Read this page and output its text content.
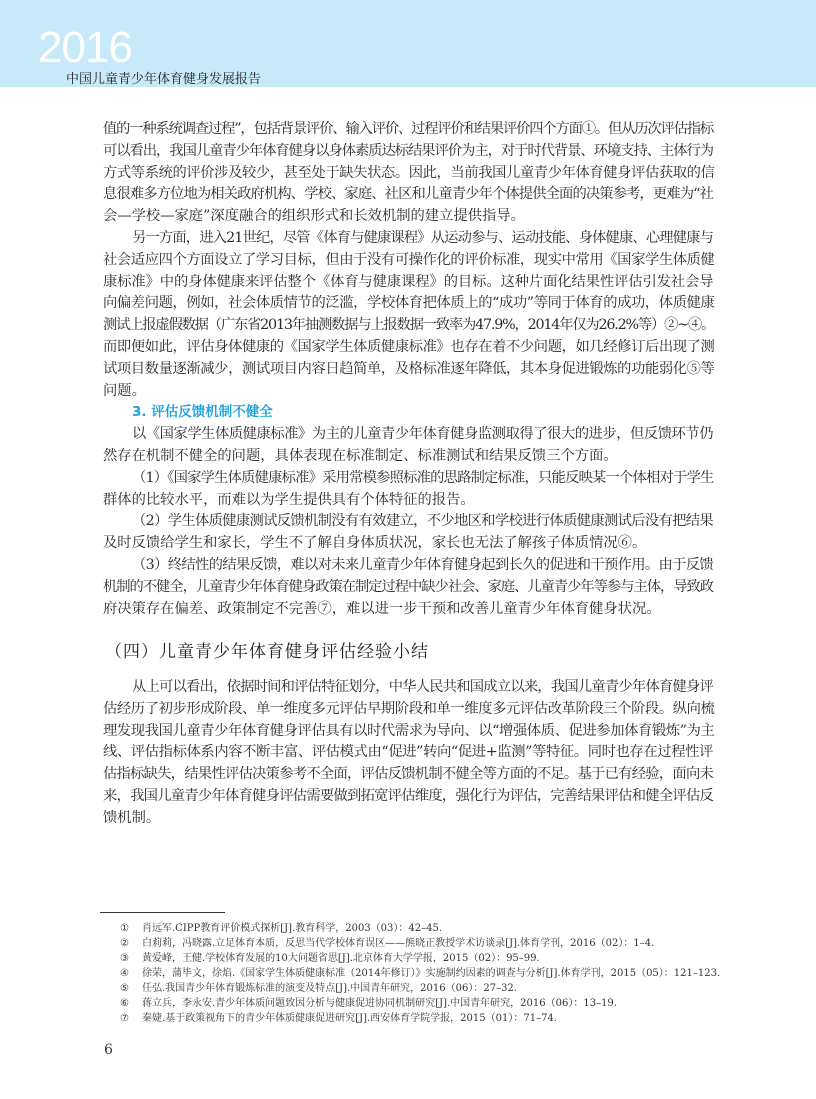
2016
中国儿童青少年体育健身发展报告
值的一种系统调查过程”，包括背景评价、输入评价、过程评价和结果评价四个方面①。但从历次评估指标
可以看出，我国儿童青少年体育健身以身体素质达标结果评价为主，对于时代背景、环境支持、主体行为
方式等系统的评价涉及较少，甚至处于缺失状态。因此，当前我国儿童青少年体育健身评估获取的信
息很难多方位地为相关政府机构、学校、家庭、社区和儿童青少年个体提供全面的决策参考，更难为“社
会—学校—家庭”深度融合的组织形式和长效机制的建立提供指导。
另一方面，进入21世纪，尽管《体育与健康课程》从运动参与、运动技能、身体健康、心理健康与
社会适应四个方面设立了学习目标，但由于没有可操作化的评价标准，现实中常用《国家学生体质健
康标准》中的身体健康来评估整个《体育与健康课程》的目标。这种片面化结果性评估引发社会导
向偏差问题，例如，社会体质情节的泛滥，学校体育把体质上的“成功”等同于体育的成功，体质健康
测试上报虚假数据（广东省2013年抽测数据与上报数据一致率为47.9%，2014年仅为26.2%等）②~④。
而即便如此，评估身体健康的《国家学生体质健康标准》也存在着不少问题，如几经修订后出现了测
试项目数量逐渐减少，测试项目内容日趋简单，及格标准逐年降低，其本身促进锻炼的功能弱化⑤等
问题。
3. 评估反馈机制不健全
以《国家学生体质健康标准》为主的儿童青少年体育健身监测取得了很大的进步，但反馈环节仍
然存在机制不健全的问题，具体表现在标准制定、标准测试和结果反馈三个方面。
（1）《国家学生体质健康标准》采用常模参照标准的思路制定标准，只能反映某一个体相对于学生
群体的比较水平，而难以为学生提供具有个体特征的报告。
（2）学生体质健康测试反馈机制没有有效建立，不少地区和学校进行体质健康测试后没有把结果
及时反馈给学生和家长，学生不了解自身体质状况，家长也无法了解孩子体质情况⑥。
（3）终结性的结果反馈，难以对未来儿童青少年体育健身起到长久的促进和干预作用。由于反馈
机制的不健全，儿童青少年体育健身政策在制定过程中缺少社会、家庭、儿童青少年等参与主体，导致政
府决策存在偏差、政策制定不完善⑦，难以进一步干预和改善儿童青少年体育健身状况。
（四）儿童青少年体育健身评估经验小结
从上可以看出，依据时间和评估特征划分，中华人民共和国成立以来，我国儿童青少年体育健身评
估经历了初步形成阶段、单一维度多元评估早期阶段和单一维度多元评估改革阶段三个阶段。纵向梳
理发现我国儿童青少年体育健身评估具有以时代需求为导向、以“增强体质、促进参加体育锻炼”为主
线、评估指标体系内容不断丰富、评估模式由“促进”转向“促进+监测”等特征。同时也存在过程性评
估指标缺失，结果性评估决策参考不全面，评估反馈机制不健全等方面的不足。基于已有经验，面向未
来，我国儿童青少年体育健身评估需要做到拓宽评估维度，强化行为评估，完善结果评估和健全评估反
馈机制。
① 肖远军.CIPP教育评价模式探析[J].教育科学，2003（03）：42–45.
② 白莉莉，冯晓露.立足体育本质，反思当代学校体育误区——熊晓正教授学术访谈录[J].体育学刊，2016（02）：1–4.
③ 黄爱峰，王健.学校体育发展的10大问题省思[J].北京体育大学学报，2015（02）：95–99.
④ 徐荣，蒲毕文，徐焰.《国家学生体质健康标准（2014年修订）》实施制约因素的调查与分析[J].体育学刊，2015（05）：121–123.
⑤ 任弘.我国青少年体育锻炼标准的演变及特点[J].中国青年研究，2016（06）：27–32.
⑥ 蒋立兵，李永安.青少年体质问题致因分析与健康促进协同机制研究[J].中国青年研究，2016（06）：13–19.
⑦ 秦婕.基于政策视角下的青少年体质健康促进研究[J].西安体育学院学报，2015（01）：71–74.
6
